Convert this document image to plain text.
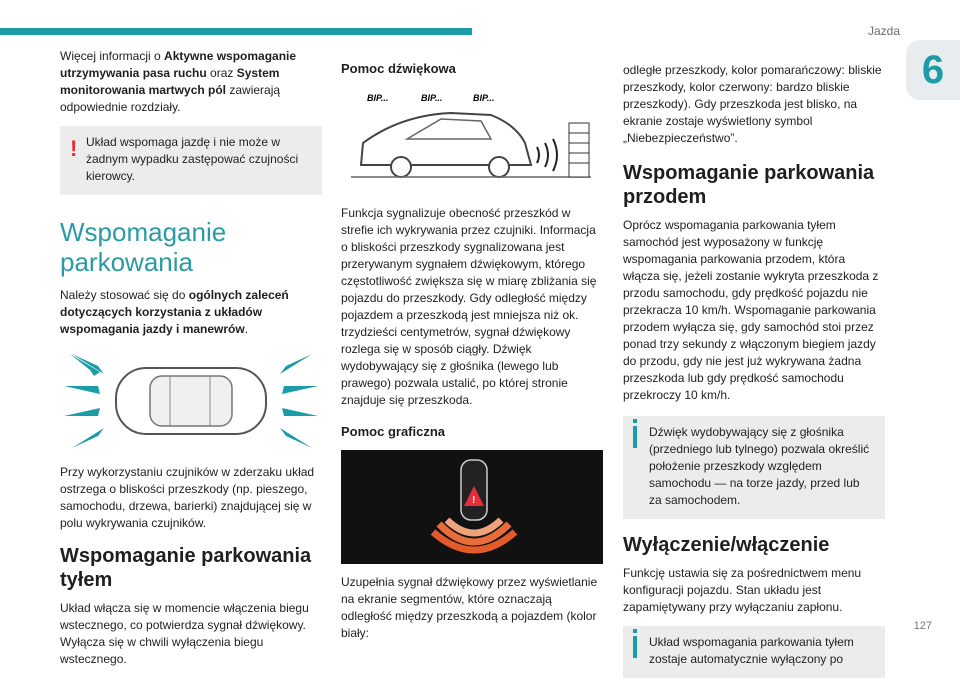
Jazda
6

Więcej informacji o Aktywne wspomaganie utrzymywania pasa ruchu oraz System monitorowania martwych pól zawierają odpowiednie rozdziały.

! Układ wspomaga jazdę i nie może w żadnym wypadku zastępować czujności kierowcy.
Wspomaganie parkowania

Należy stosować się do ogólnych zaleceń dotyczących korzystania z układów wspomagania jazdy i manewrów.

Przy wykorzystaniu czujników w zderzaku układ ostrzega o bliskości przeszkody (np. pieszego, samochodu, drzewa, barierki) znajdującej się w polu wykrywania czujników.

Wspomaganie parkowania tyłem

Układ włącza się w momencie włączenia biegu wstecznego, co potwierdza sygnał dźwiękowy. Wyłącza się w chwili wyłączenia biegu wstecznego.

Pomoc dźwiękowa
BIP...	BIP...	BIP...

Funkcja sygnalizuje obecność przeszkód w strefie ich wykrywania przez czujniki. Informacja o bliskości przeszkody sygnalizowana jest przerywanym sygnałem dźwiękowym, którego częstotliwość zwiększa się w miarę zbliżania się pojazdu do przeszkody. Gdy odległość między pojazdem a przeszkodą jest mniejsza niż ok. trzydzieści centymetrów, sygnał dźwiękowy rozlega się w sposób ciągły. Dźwięk wydobywający się z głośnika (lewego lub prawego) pozwala ustalić, po której stronie znajduje się przeszkoda.

Pomoc graficzna
!

Uzupełnia sygnał dźwiękowy przez wyświetlanie na ekranie segmentów, które oznaczają odległość między przeszkodą a pojazdem (kolor biały:

odległe przeszkody, kolor pomarańczowy: bliskie przeszkody, kolor czerwony: bardzo bliskie przeszkody). Gdy przeszkoda jest blisko, na ekranie zostaje wyświetlony symbol „Niebezpieczeństwo”.

Wspomaganie parkowania przodem

Oprócz wspomagania parkowania tyłem samochód jest wyposażony w funkcję wspomagania parkowania przodem, która włącza się, jeżeli zostanie wykryta przeszkoda z przodu samochodu, gdy prędkość pojazdu nie przekracza 10 km/h. Wspomaganie parkowania przodem wyłącza się, gdy samochód stoi przez ponad trzy sekundy z włączonym biegiem jazdy do przodu, gdy nie jest już wykrywana żadna przeszkoda lub gdy prędkość samochodu przekroczy 10 km/h.

Dźwięk wydobywający się z głośnika (przedniego lub tylnego) pozwala określić położenie przeszkody względem samochodu — na torze jazdy, przed lub za samochodem.
Wyłączenie/włączenie

Funkcję ustawia się za pośrednictwem menu konfiguracji pojazdu. Stan układu jest zapamiętywany przy wyłączaniu zapłonu.

Układ wspomagania parkowania tyłem zostaje automatycznie wyłączony po
127
